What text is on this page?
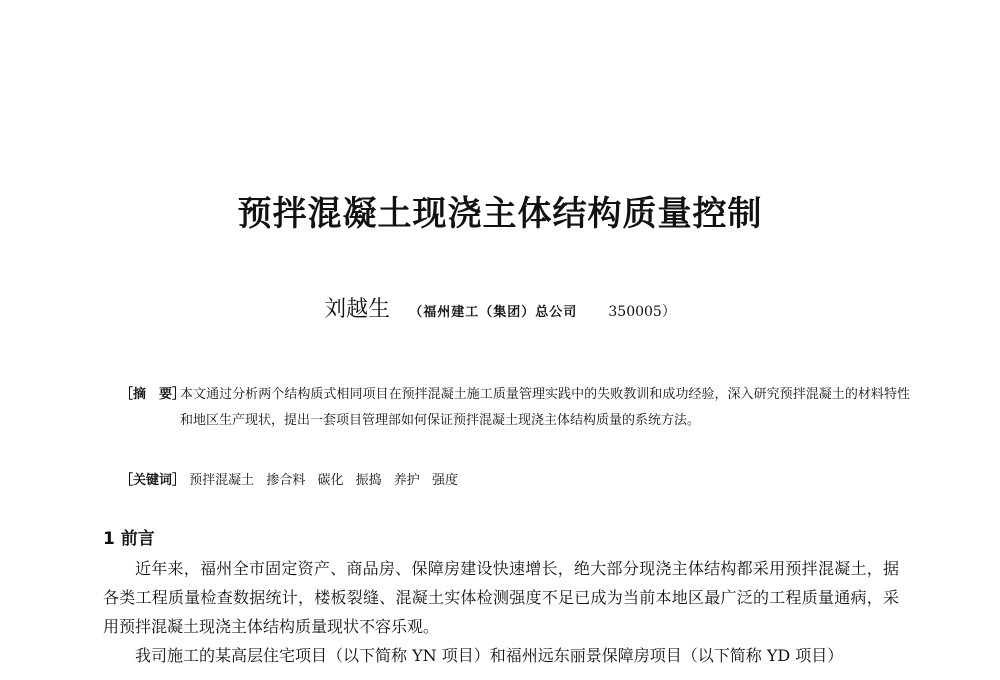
预拌混凝土现浇主体结构质量控制
刘越生 （福州建工（集团）总公司 350005）
［摘　要］
本文通过分析两个结构质式相同项目在预拌混凝土施工质量管理实践中的失败教训和成功经验，深入研究预拌混凝土的材料特性和地区生产现状，提出一套项目管理部如何保证预拌混凝土现浇主体结构质量的系统方法。
［关键词］ 预拌混凝土 掺合料 碳化 振捣 养护 强度
1 前言

近年来，福州全市固定资产、商品房、保障房建设快速增长，绝大部分现浇主体结构都采用预拌混凝土，据各类工程质量检查数据统计，楼板裂缝、混凝土实体检测强度不足已成为当前本地区最广泛的工程质量通病，采用预拌混凝土现浇主体结构质量现状不容乐观。

我司施工的某高层住宅项目（以下简称 YN 项目）和福州远东丽景保障房项目（以下简称 YD 项目）
